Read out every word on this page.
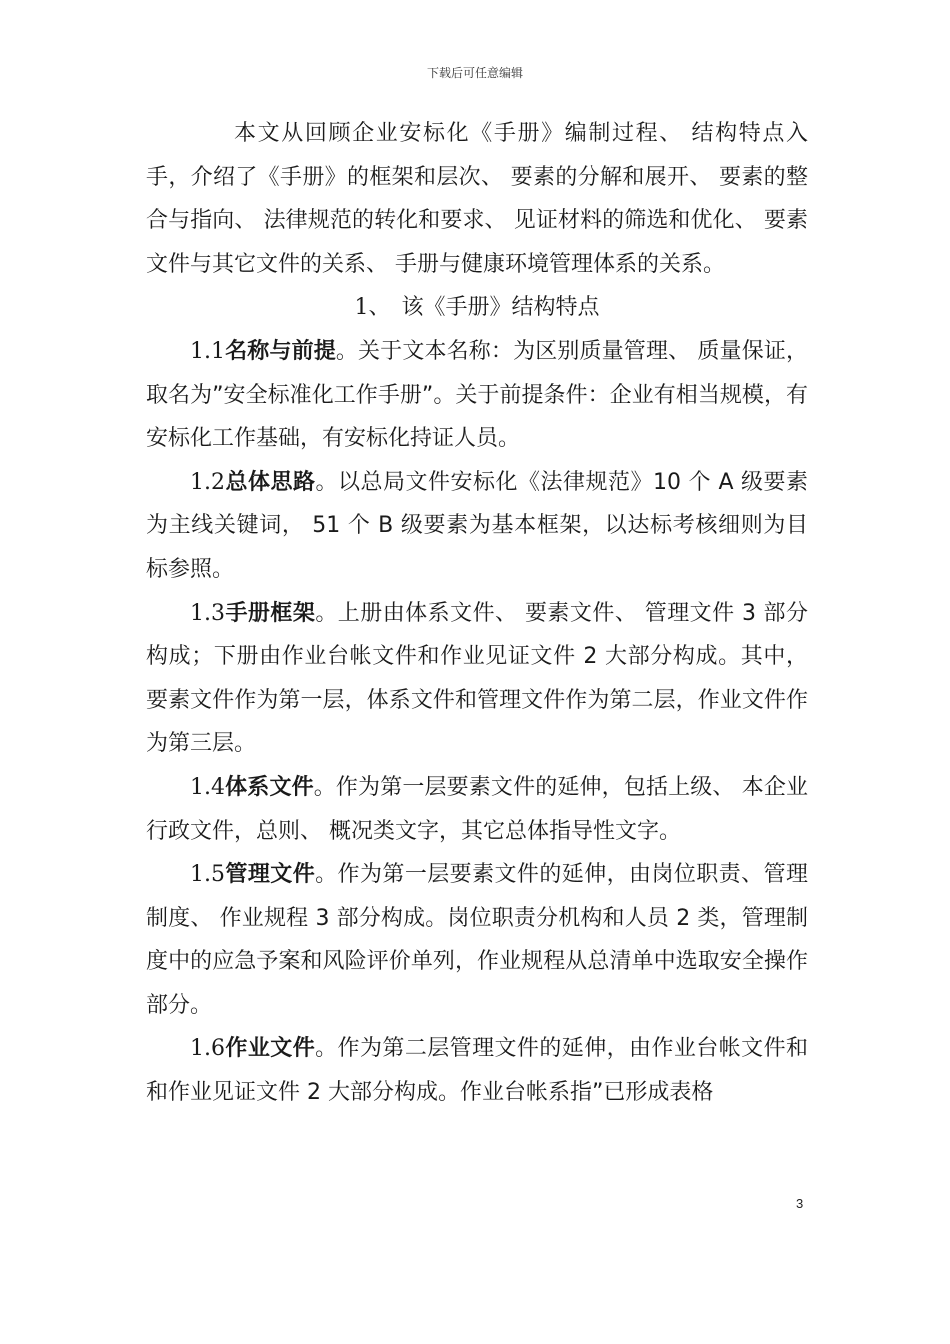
下载后可任意编辑

本文从回顾企业安标化《手册》编制过程、 结构特点入手，介绍了《手册》的框架和层次、 要素的分解和展开、 要素的整合与指向、 法律规范的转化和要求、 见证材料的筛选和优化、 要素文件与其它文件的关系、 手册与健康环境管理体系的关系。

1、　 该《手册》结构特点

1.1名称与前提。关于文本名称：为区别质量管理、 质量保证，取名为”安全标准化工作手册”。关于前提条件：企业有相当规模，有安标化工作基础，有安标化持证人员。

1.2总体思路。以总局文件安标化《法律规范》10 个 A 级要素为主线关键词， 51 个 B 级要素为基本框架，以达标考核细则为目标参照。

1.3手册框架。上册由体系文件、 要素文件、 管理文件 3 部分构成；下册由作业台帐文件和作业见证文件 2 大部分构成。其中，要素文件作为第一层，体系文件和管理文件作为第二层，作业文件作为第三层。

1.4体系文件。作为第一层要素文件的延伸，包括上级、 本企业行政文件，总则、 概况类文字，其它总体指导性文字。

1.5管理文件。作为第一层要素文件的延伸，由岗位职责、管理制度、 作业规程 3 部分构成。岗位职责分机构和人员 2 类，管理制度中的应急予案和风险评价单列，作业规程从总清单中选取安全操作部分。

1.6作业文件。作为第二层管理文件的延伸，由作业台帐文件和和作业见证文件 2 大部分构成。作业台帐系指”已形成表格

3
